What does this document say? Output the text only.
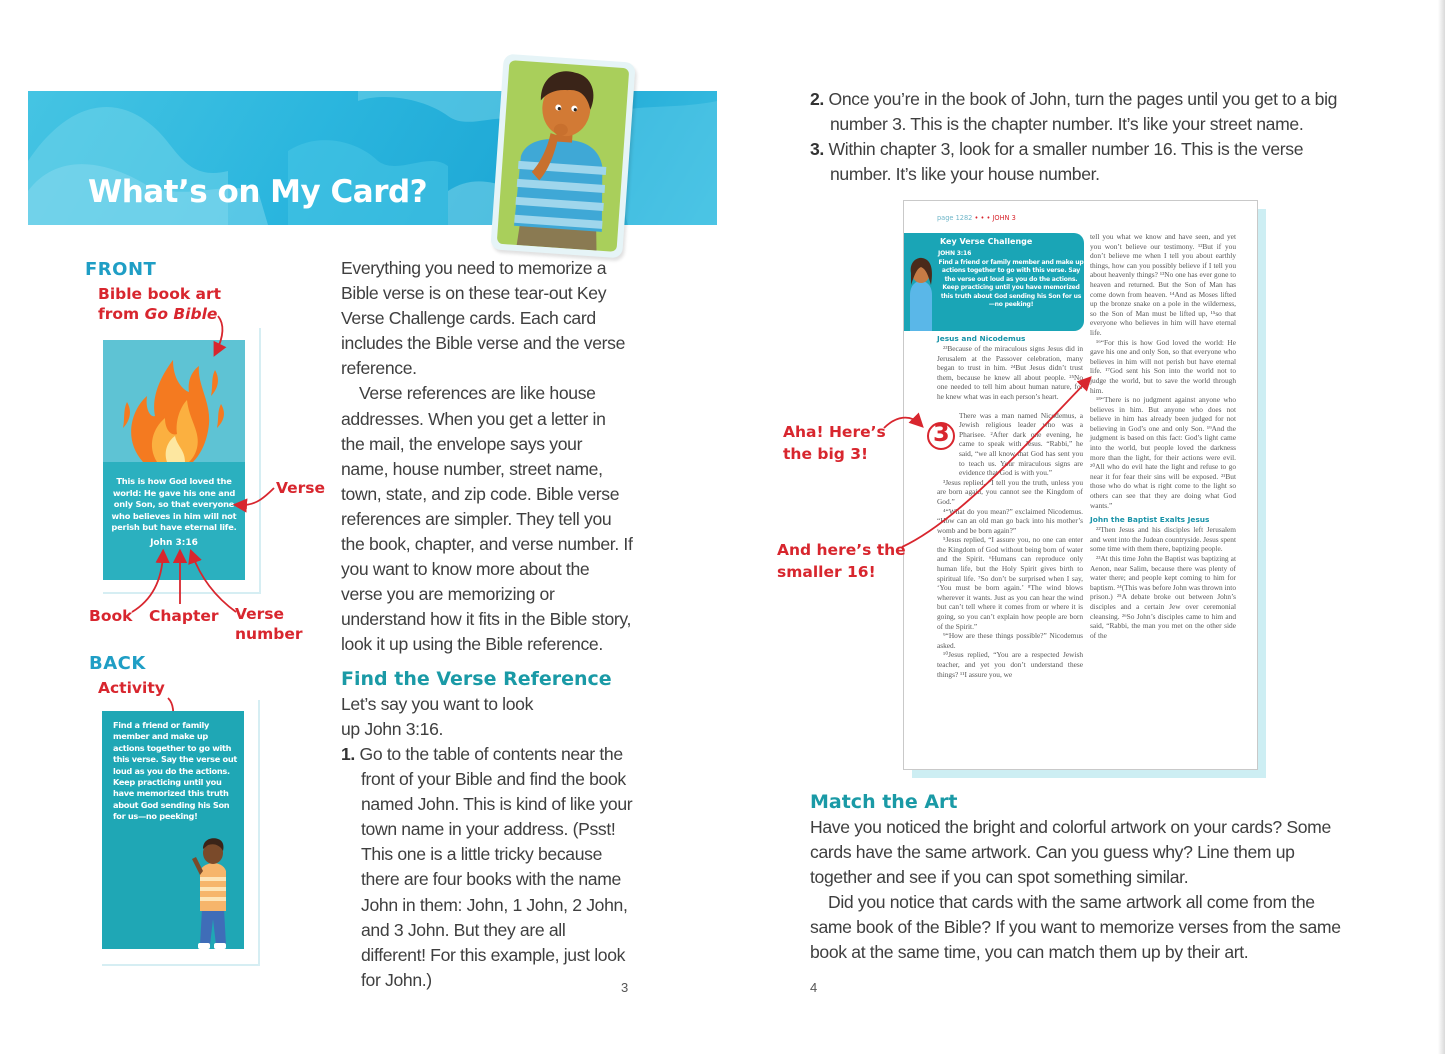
What’s on My Card?
FRONT
Bible book art
from Go Bible
This is how God loved the world: He gave his one and only Son, so that everyone who believes in him will not perish but have eternal life.
John 3:16
Verse
Book Chapter Verse
number
BACK
Activity
Find a friend or family member and make up actions together to go with this verse. Say the verse out loud as you do the actions. Keep practicing until you have memorized this truth about God sending his Son for us—no peeking!

Everything you need to memorize a Bible verse is on these tear-out Key Verse Challenge cards. Each card includes the Bible verse and the verse reference.

Verse references are like house addresses. When you get a letter in the mail, the envelope says your name, house number, street name, town, state, and zip code. Bible verse references are simpler. They tell you the book, chapter, and verse number. If you want to know more about the verse you are memorizing or understand how it fits in the Bible story, look it up using the Bible reference.

Find the Verse Reference
Let’s say you want to look up John 3:16.
1. Go to the table of contents near the front of your Bible and find the book named John. This is kind of like your town name in your address. (Psst! This one is a little tricky because there are four books with the name John in them: John, 1 John, 2 John, and 3 John. But they are all different! For this example, just look for John.)	3
2. Once you’re in the book of John, turn the pages until you get to a big number 3. This is the chapter number. It’s like your street name.
3. Within chapter 3, look for a smaller number 16. This is the verse number. It’s like your house number.
page 1282 • • • JOHN 3
Key Verse Challenge
JOHN 3:16
Find a friend or family member and make up actions together to go with this verse. Say the verse out loud as you do the actions. Keep practicing until you have memorized this truth about God sending his Son for us—no peeking!
Jesus and Nicodemus

²³Because of the miraculous signs Jesus did in Jerusalem at the Passover celebration, many began to trust in him. ²⁴But Jesus didn’t trust them, because he knew all about people. ²⁵No one needed to tell him about human nature, for he knew what was in each person’s heart.

There was a man named Nicodemus, a Jewish religious leader who was a Pharisee. ²After dark one evening, he came to speak with Jesus. “Rabbi,” he said, “we all know that God has sent you to teach us. Your miraculous signs are evidence that God is with you.”

³Jesus replied, “I tell you the truth, unless you are born again, you cannot see the Kingdom of God.”

⁴“What do you mean?” exclaimed Nicodemus. “How can an old man go back into his mother’s womb and be born again?”

⁵Jesus replied, “I assure you, no one can enter the Kingdom of God without being born of water and the Spirit. ⁶Humans can reproduce only human life, but the Holy Spirit gives birth to spiritual life. ⁷So don’t be surprised when I say, ‘You must be born again.’ ⁸The wind blows wherever it wants. Just as you can hear the wind but can’t tell where it comes from or where it is going, so you can’t explain how people are born of the Spirit.”

⁹“How are these things possible?” Nicodemus asked.

¹⁰Jesus replied, “You are a respected Jewish teacher, and yet you don’t understand these things? ¹¹I assure you, we

tell you what we know and have seen, and yet you won’t believe our testimony. ¹²But if you don’t believe me when I tell you about earthly things, how can you possibly believe if I tell you about heavenly things? ¹³No one has ever gone to heaven and returned. But the Son of Man has come down from heaven. ¹⁴And as Moses lifted up the bronze snake on a pole in the wilderness, so the Son of Man must be lifted up, ¹⁵so that everyone who believes in him will have eternal life.

¹⁶“For this is how God loved the world: He gave his one and only Son, so that everyone who believes in him will not perish but have eternal life. ¹⁷God sent his Son into the world not to judge the world, but to save the world through him.

¹⁸“There is no judgment against anyone who believes in him. But anyone who does not believe in him has already been judged for not believing in God’s one and only Son. ¹⁹And the judgment is based on this fact: God’s light came into the world, but people loved the darkness more than the light, for their actions were evil. ²⁰All who do evil hate the light and refuse to go near it for fear their sins will be exposed. ²¹But those who do what is right come to the light so others can see that they are doing what God wants.”

John the Baptist Exalts Jesus

²²Then Jesus and his disciples left Jerusalem and went into the Judean countryside. Jesus spent some time with them there, baptizing people.

²³At this time John the Baptist was baptizing at Aenon, near Salim, because there was plenty of water there; and people kept coming to him for baptism. ²⁴(This was before John was thrown into prison.) ²⁵A debate broke out between John’s disciples and a certain Jew over ceremonial cleansing. ²⁶So John’s disciples came to him and said, “Rabbi, the man you met on the other side of the

3
Aha! Here’s
the big 3!
And here’s the
smaller 16!
Match the Art

Have you noticed the bright and colorful artwork on your cards? Some cards have the same artwork. Can you guess why? Line them up together and see if you can spot something similar.

Did you notice that cards with the same artwork all come from the same book of the Bible? If you want to memorize verses from the same book at the same time, you can match them up by their art.

4
